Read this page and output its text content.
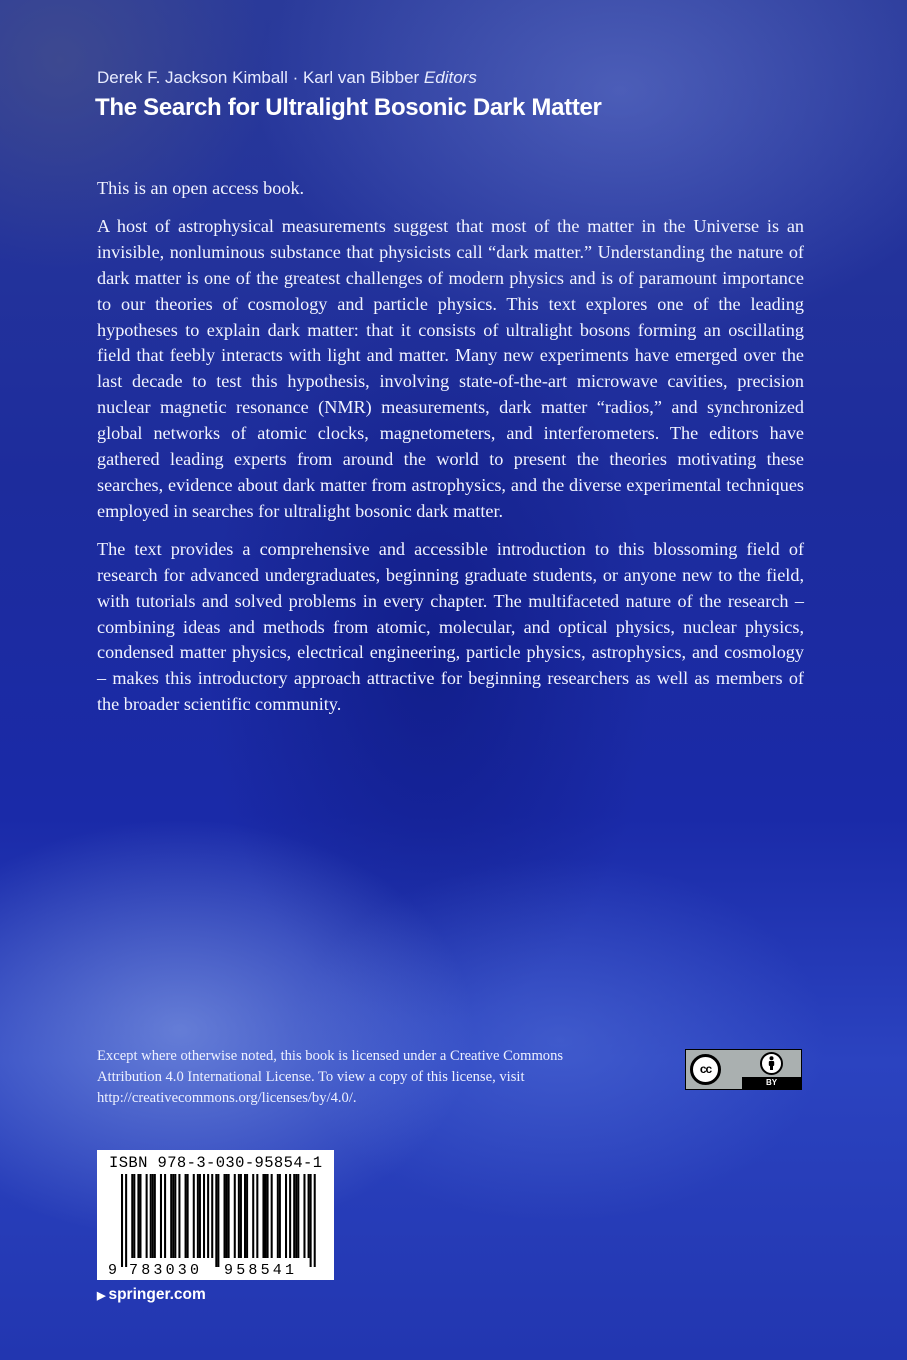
Derek F. Jackson Kimball · Karl van Bibber Editors
The Search for Ultralight Bosonic Dark Matter

This is an open access book.

A host of astrophysical measurements suggest that most of the matter in the Universe is an invisible, nonluminous substance that physicists call “dark matter.” Understanding the nature of dark matter is one of the greatest challenges of modern physics and is of paramount importance to our theories of cosmology and particle physics. This text explores one of the leading hypotheses to explain dark matter: that it consists of ultralight bosons forming an oscillating field that feebly interacts with light and matter. Many new experiments have emerged over the last decade to test this hypothesis, involving state-of-the-art microwave cavities, precision nuclear magnetic resonance (NMR) measurements, dark matter “radios,” and synchronized global networks of atomic clocks, magnetometers, and interferometers. The editors have gathered leading experts from around the world to present the theories motivating these searches, evidence about dark matter from astrophysics, and the diverse experimental techniques employed in searches for ultralight bosonic dark matter.

The text provides a comprehensive and accessible introduction to this blossoming field of research for advanced undergraduates, beginning graduate students, or anyone new to the field, with tutorials and solved problems in every chapter. The multifaceted nature of the research – combining ideas and methods from atomic, molecular, and optical physics, nuclear physics, condensed matter physics, electrical engineering, particle physics, astrophysics, and cosmology – makes this introductory approach attractive for beginning researchers as well as members of the broader scientific community.

Except where otherwise noted, this book is licensed under a Creative Commons Attribution 4.0 International License. To view a copy of this license, visit http://creativecommons.org/licenses/by/4.0/.
cc
BY
ISBN 978-3-030-95854-1
9 783030 958541
▶ springer.com
